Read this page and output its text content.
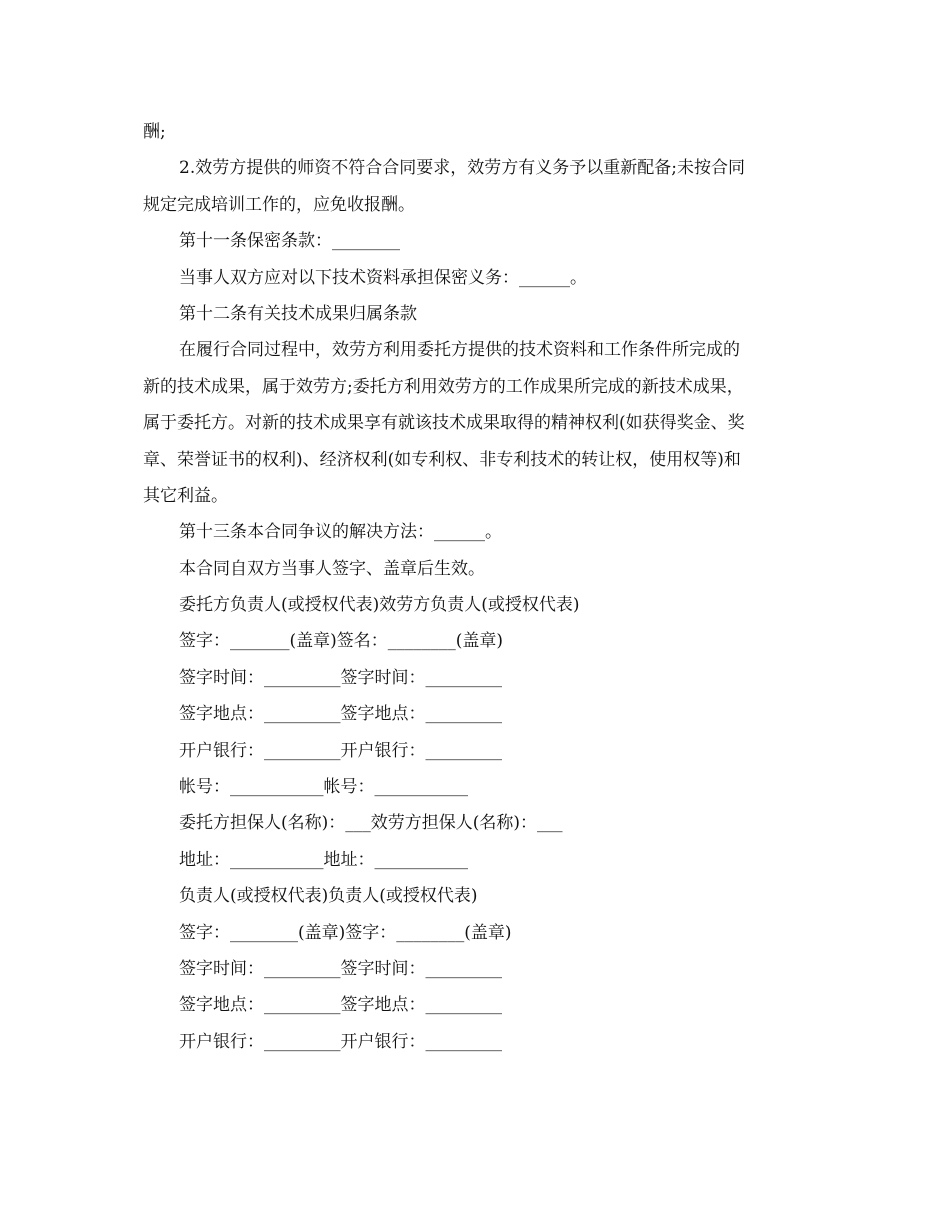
酬;

2.效劳方提供的师资不符合合同要求，效劳方有义务予以重新配备;未按合同

规定完成培训工作的，应免收报酬。

第十一条保密条款：________

当事人双方应对以下技术资料承担保密义务：______。

第十二条有关技术成果归属条款

在履行合同过程中，效劳方利用委托方提供的技术资料和工作条件所完成的

新的技术成果，属于效劳方;委托方利用效劳方的工作成果所完成的新技术成果，

属于委托方。对新的技术成果享有就该技术成果取得的精神权利(如获得奖金、奖

章、荣誉证书的权利)、经济权利(如专利权、非专利技术的转让权，使用权等)和

其它利益。

第十三条本合同争议的解决方法：______。

本合同自双方当事人签字、盖章后生效。

委托方负责人(或授权代表)效劳方负责人(或授权代表)

签字：_______(盖章)签名：________(盖章)

签字时间：_________签字时间：_________

签字地点：_________签字地点：_________

开户银行：_________开户银行：_________

帐号：___________帐号：___________

委托方担保人(名称)：___效劳方担保人(名称)：___

地址：___________地址：___________

负责人(或授权代表)负责人(或授权代表)

签字：________(盖章)签字：________(盖章)

签字时间：_________签字时间：_________

签字地点：_________签字地点：_________

开户银行：_________开户银行：_________
